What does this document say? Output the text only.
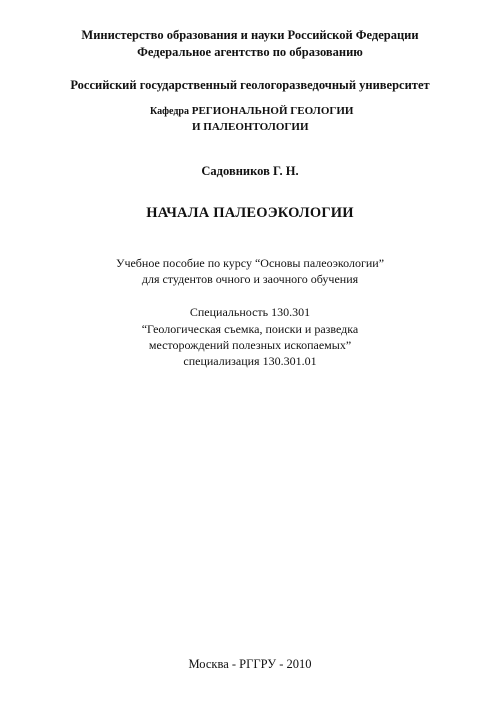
Министерство образования и науки Российской Федерации
Федеральное агентство по образованию
Российский государственный геологоразведочный университет
Кафедра РЕГИОНАЛЬНОЙ ГЕОЛОГИИ
И ПАЛЕОНТОЛОГИИ
Садовников Г. Н.
НАЧАЛА ПАЛЕОЭКОЛОГИИ
Учебное пособие по курсу “Основы палеоэкологии”
для студентов очного и заочного обучения
Специальность 130.301
“Геологическая съемка, поиски и разведка
месторождений полезных ископаемых”
специализация 130.301.01
Москва - РГГРУ - 2010
